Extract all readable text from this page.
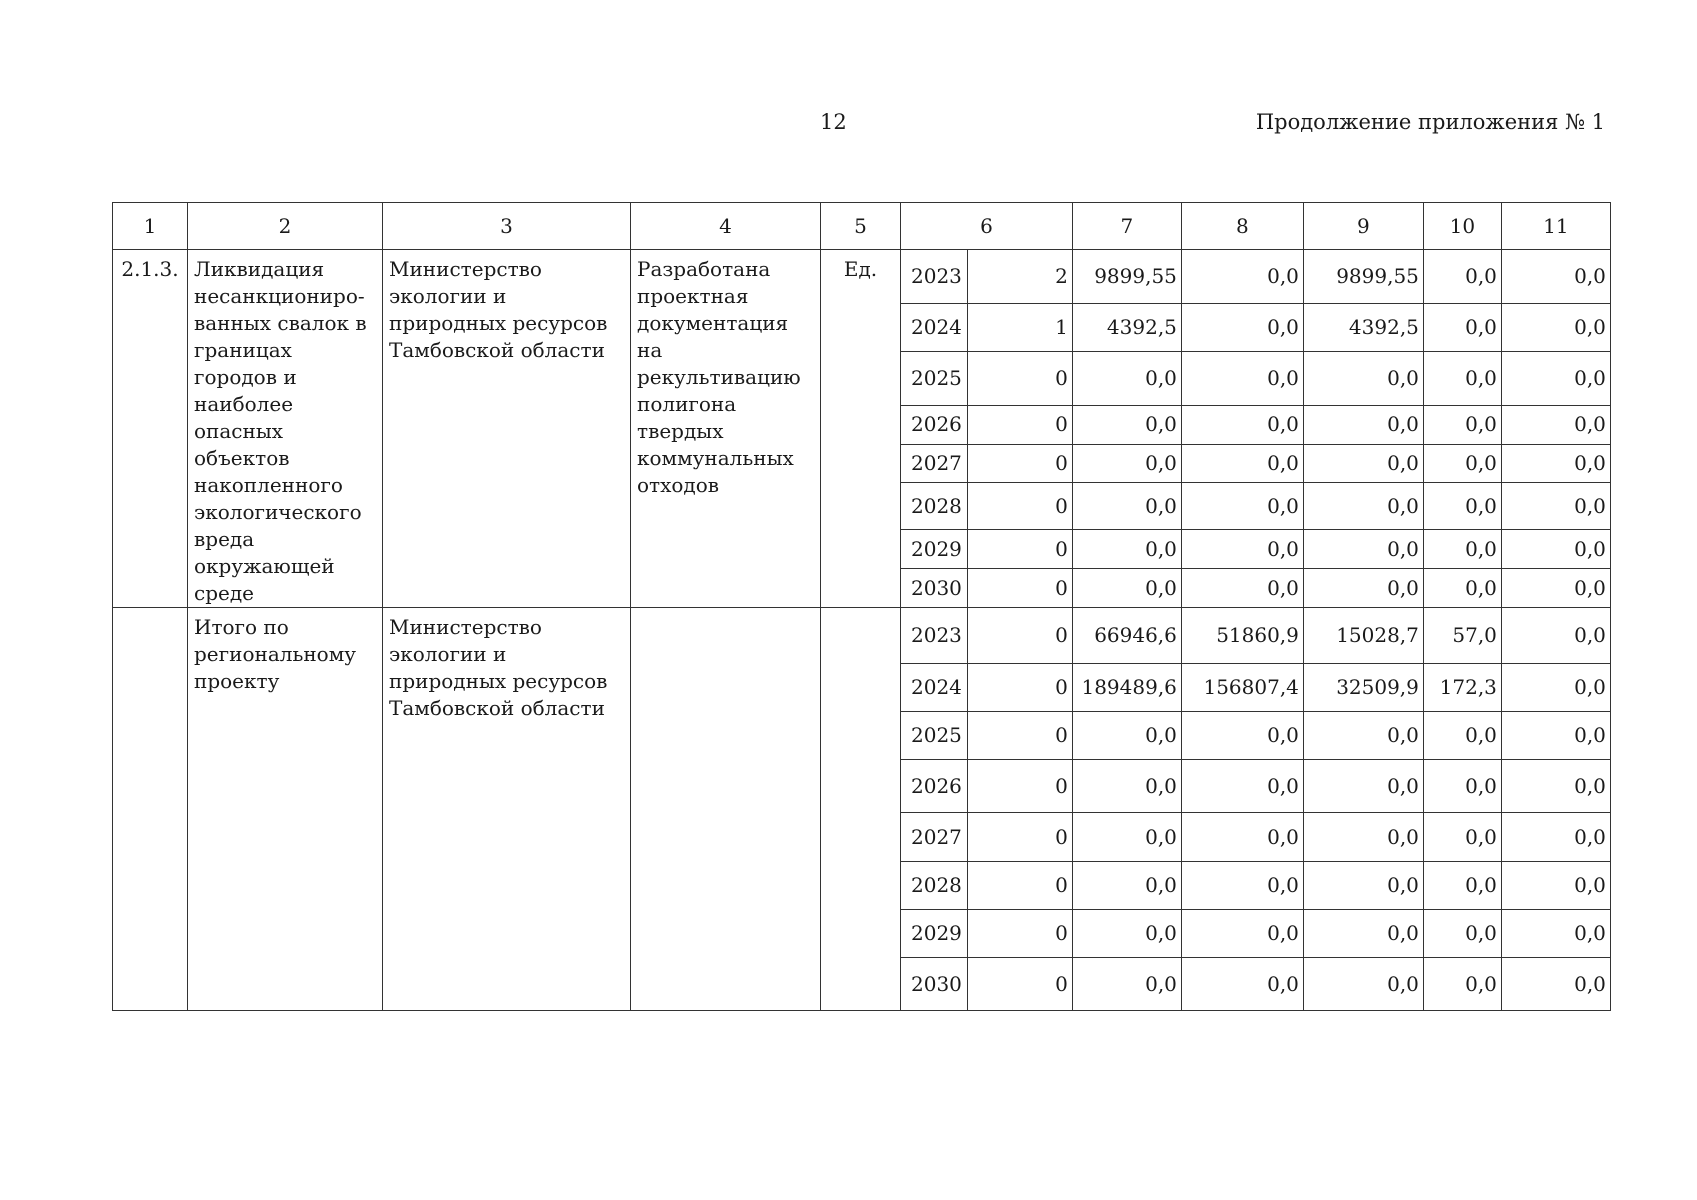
12	Продолжение приложения № 1
1	2	3	4	5	6		7	8	9	10	11
2.1.3.	Ликвидация несанкциониро-ванных свалок в границах городов и наиболее опасных объектов накопленного экологического вреда окружающей среде	Министерство экологии и природных ресурсов Тамбовской области	Разработана проектная документация на рекультивацию полигона твердых коммунальных отходов	Ед.	2023	2	9899,55	0,0	9899,55	0,0	0,0
					2024	1	4392,5	0,0	4392,5	0,0	0,0
					2025	0	0,0	0,0	0,0	0,0	0,0
					2026	0	0,0	0,0	0,0	0,0	0,0
					2027	0	0,0	0,0	0,0	0,0	0,0
					2028	0	0,0	0,0	0,0	0,0	0,0
					2029	0	0,0	0,0	0,0	0,0	0,0
					2030	0	0,0	0,0	0,0	0,0	0,0
	Итого по региональному проекту	Министерство экологии и природных ресурсов Тамбовской области			2023	0	66946,6	51860,9	15028,7	57,0	0,0
					2024	0	189489,6	156807,4	32509,9	172,3	0,0
					2025	0	0,0	0,0	0,0	0,0	0,0
					2026	0	0,0	0,0	0,0	0,0	0,0
					2027	0	0,0	0,0	0,0	0,0	0,0
					2028	0	0,0	0,0	0,0	0,0	0,0
					2029	0	0,0	0,0	0,0	0,0	0,0
					2030	0	0,0	0,0	0,0	0,0	0,0
